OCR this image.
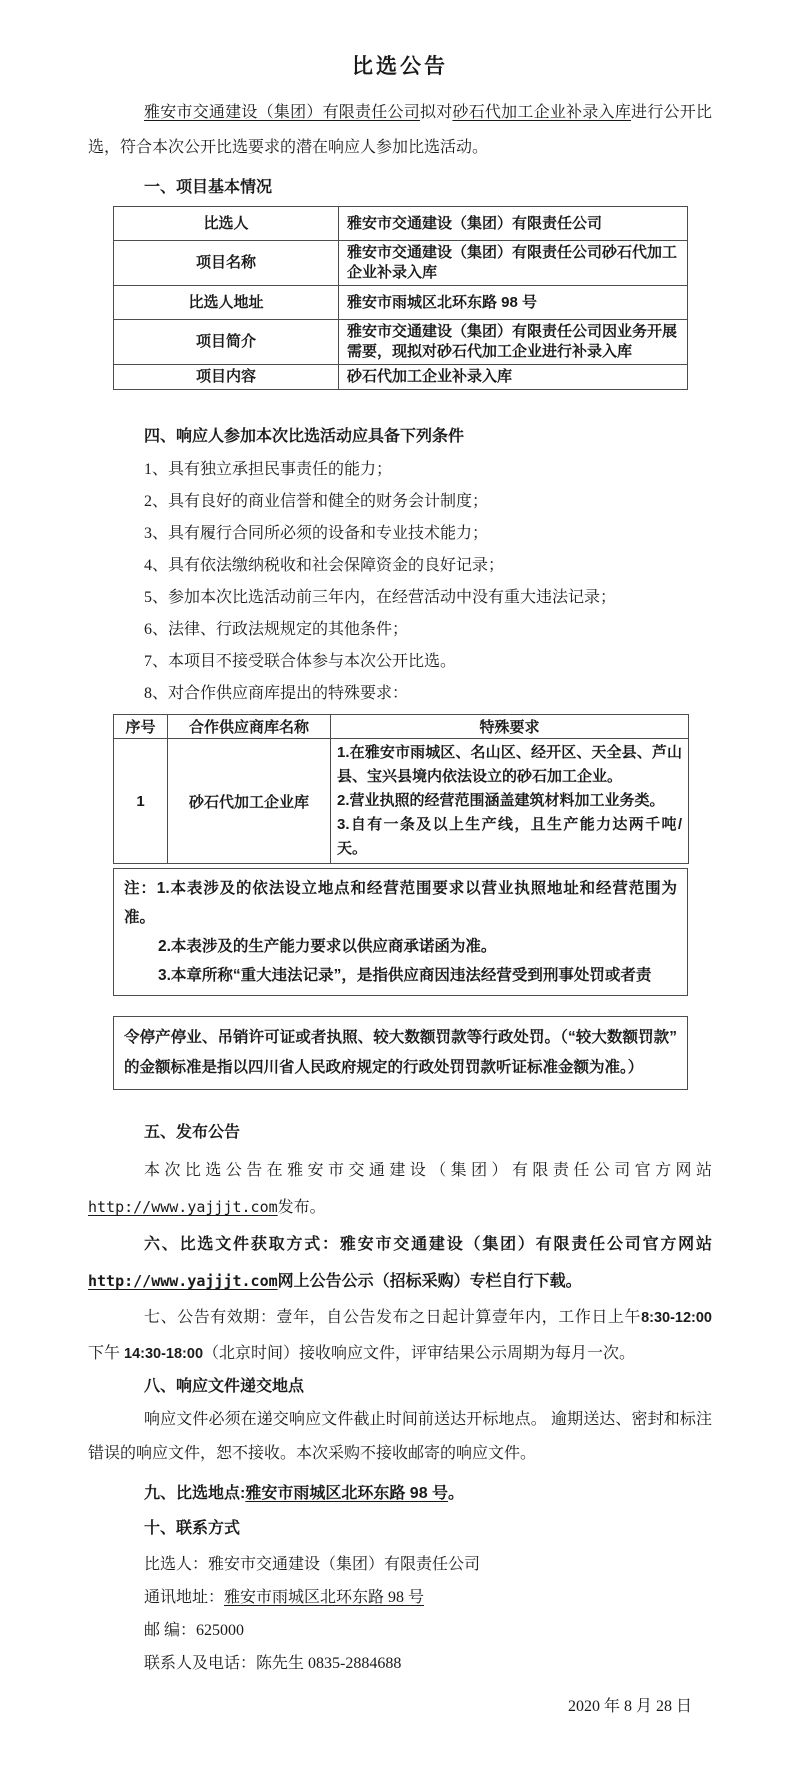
比选公告

雅安市交通建设（集团）有限责任公司拟对砂石代加工企业补录入库进行公开比选，符合本次公开比选要求的潜在响应人参加比选活动。

一、项目基本情况
比选人	雅安市交通建设（集团）有限责任公司
项目名称	雅安市交通建设（集团）有限责任公司砂石代加工企业补录入库
比选人地址	雅安市雨城区北环东路 98 号
项目简介	雅安市交通建设（集团）有限责任公司因业务开展需要，现拟对砂石代加工企业进行补录入库
项目内容	砂石代加工企业补录入库
四、响应人参加本次比选活动应具备下列条件
1、具有独立承担民事责任的能力；
2、具有良好的商业信誉和健全的财务会计制度；
3、具有履行合同所必须的设备和专业技术能力；
4、具有依法缴纳税收和社会保障资金的良好记录；
5、参加本次比选活动前三年内，在经营活动中没有重大违法记录；
6、法律、行政法规规定的其他条件；
7、本项目不接受联合体参与本次公开比选。
8、对合作供应商库提出的特殊要求：
序号	合作供应商库名称	特殊要求
1	砂石代加工企业库	1.在雅安市雨城区、名山区、经开区、天全县、芦山县、宝兴县境内依法设立的砂石加工企业。
2.营业执照的经营范围涵盖建筑材料加工业务类。
3.自有一条及以上生产线，且生产能力达两千吨/天。
注：1.本表涉及的依法设立地点和经营范围要求以营业执照地址和经营范围为准。
2.本表涉及的生产能力要求以供应商承诺函为准。
3.本章所称“重大违法记录”，是指供应商因违法经营受到刑事处罚或者责
令停产停业、吊销许可证或者执照、较大数额罚款等行政处罚。（“较大数额罚款”的金额标准是指以四川省人民政府规定的行政处罚罚款听证标准金额为准。）
五、发布公告

本次比选公告在雅安市交通建设（集团）有限责任公司官方网站http://www.yajjjt.com发布。

六、比选文件获取方式：雅安市交通建设（集团）有限责任公司官方网站http://www.yajjjt.com网上公告公示（招标采购）专栏自行下载。

七、公告有效期：壹年，自公告发布之日起计算壹年内，工作日上午8:30-12:00 下午 14:30-18:00（北京时间）接收响应文件，评审结果公示周期为每月一次。

八、响应文件递交地点

响应文件必须在递交响应文件截止时间前送达开标地点。 逾期送达、密封和标注错误的响应文件，恕不接收。本次采购不接收邮寄的响应文件。

九、比选地点:雅安市雨城区北环东路 98 号。
十、联系方式
比选人：雅安市交通建设（集团）有限责任公司
通讯地址：雅安市雨城区北环东路 98 号
邮 编：625000
联系人及电话：陈先生 0835-2884688
2020 年 8 月 28 日
